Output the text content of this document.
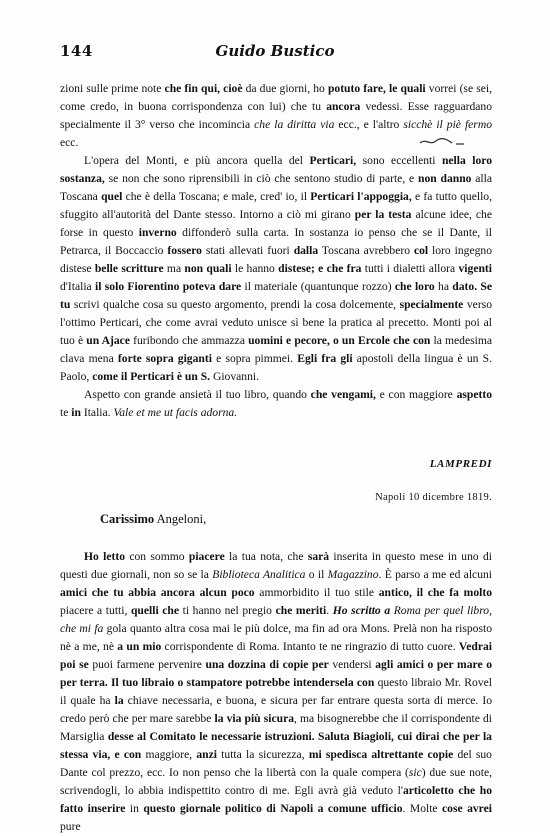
144	Guido Bustico

zioni sulle prime note che fin qui, cioè da due giorni, ho potuto fare, le quali vorrei (se sei, come credo, in buona corrispondenza con lui) che tu ancora vedessi. Esse ragguardano specialmente il 3° verso che incomincia che la diritta via ecc., e l'altro sicchè il piè fermo ecc.

L'opera del Monti, e più ancora quella del Perticari, sono eccellenti nella loro sostanza, se non che sono riprensibili in ciò che sentono studio di parte, e non danno alla Toscana quel che è della Toscana; e male, cred' io, il Perticari l'appoggia, e fa tutto quello, sfuggito all'autorità del Dante stesso. Intorno a ciò mi girano per la testa alcune idee, che forse in questo inverno diffonderò sulla carta. In sostanza io penso che se il Dante, il Petrarca, il Boccaccio fossero stati allevati fuori dalla Toscana avrebbero col loro ingegno distese belle scritture ma non quali le hanno distese; e che fra tutti i dialetti allora vigenti d'Italia il solo Fiorentino poteva dare il materiale (quantunque rozzo) che loro ha dato. Se tu scrivi qualche cosa su questo argomento, prendi la cosa dolcemente, specialmente verso l'ottimo Perticari, che come avrai veduto unisce sì bene la pratica al precetto. Monti poi al tuo è un Ajace furibondo che ammazza uomini e pecore, o un Ercole che con la medesima clava mena forte sopra giganti e sopra pimmei. Egli fra gli apostoli della lingua è un S. Paolo, come il Perticari è un S. Giovanni.

Aspetto con grande ansietà il tuo libro, quando che vengami, e con maggiore aspetto te in Italia. Vale et me ut facis adorna.

LAMPREDI
Napoli 10 dicembre 1819.
Carissimo Angeloni,

Ho letto con sommo piacere la tua nota, che sarà inserita in questo mese in uno di questi due giornali, non so se la Biblioteca Analitica o il Magazzino. È parso a me ed alcuni amici che tu abbia ancora alcun poco ammorbidito il tuo stile antico, il che fa molto piacere a tutti, quelli che ti hanno nel pregio che meriti. Ho scritto a Roma per quel libro, che mi fa gola quanto altra cosa mai le più dolce, ma fin ad ora Mons. Prelà non ha risposto nè a me, nè a un mio corrispondente di Roma. Intanto te ne ringrazio di tutto cuore. Vedrai poi se puoi farmene pervenire una dozzina di copie per vendersi agli amici o per mare o per terra. Il tuo libraio o stampatore potrebbe intendersela con questo libraio Mr. Rovel il quale ha la chiave necessaria, e buona, e sicura per far entrare questa sorta di merce. Io credo però che per mare sarebbe la via più sicura, ma bisognerebbe che il corrispondente di Marsiglia desse al Comitato le necessarie istruzioni. Saluta Biagioli, cui dirai che per la stessa via, e con maggiore, anzi tutta la sicurezza, mi spedisca altrettante copie del suo Dante col prezzo, ecc. Io non penso che la libertà con la quale compera (sic) due sue note, scrivendogli, lo abbia indispettito contro di me. Egli avrà già veduto l'articoletto che ho fatto inserire in questo giornale politico di Napoli a comune ufficio. Molte cose avrei pure
